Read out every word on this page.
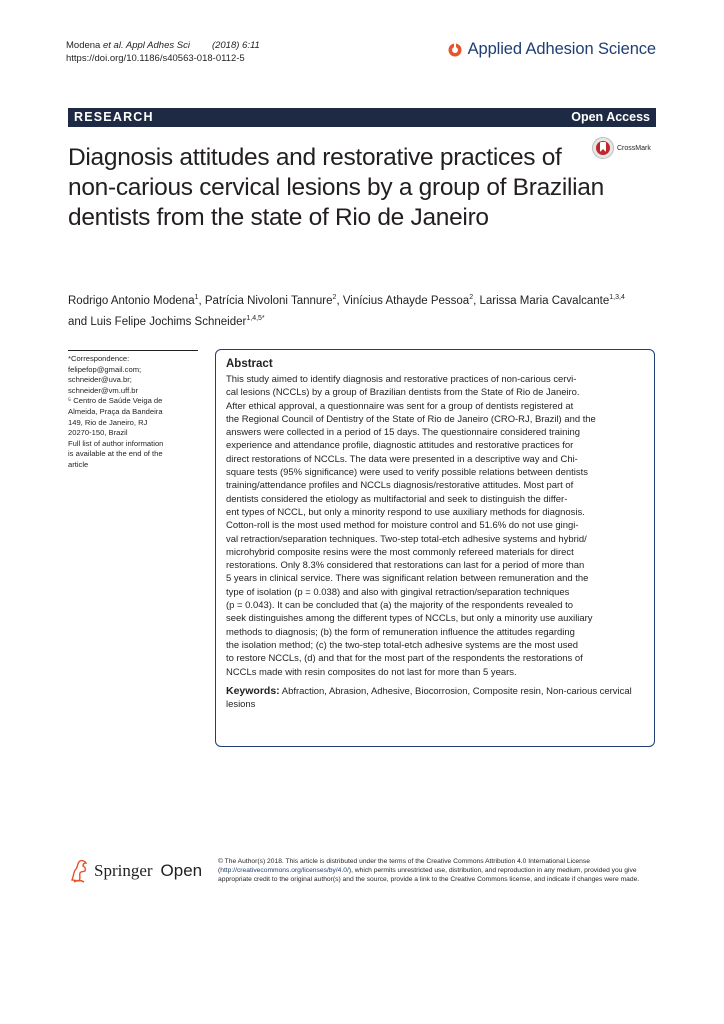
Modena et al. Appl Adhes Sci (2018) 6:11
https://doi.org/10.1186/s40563-018-0112-5
Applied Adhesion Science
RESEARCH	Open Access
CrossMark
Diagnosis attitudes and restorative practices of non-carious cervical lesions by a group of Brazilian dentists from the state of Rio de Janeiro
Rodrigo Antonio Modena$^1$, Patrícia Nivoloni Tannure$^2$, Vinícius Athayde Pessoa$^2$, Larissa Maria Cavalcante$^{1,3,4}$
and Luis Felipe Jochims Schneider$^{1,4,5*}$

*Correspondence:

felipefop@gmail.com;

schneider@uva.br;

schneider@vm.uff.br

⁵ Centro de Saúde Veiga de

Almeida, Praça da Bandeira

149, Rio de Janeiro, RJ

20270-150, Brazil

Full list of author information

is available at the end of the

article

Abstract

This study aimed to identify diagnosis and restorative practices of non-carious cervi-
cal lesions (NCCLs) by a group of Brazilian dentists from the State of Rio de Janeiro.
After ethical approval, a questionnaire was sent for a group of dentists registered at
the Regional Council of Dentistry of the State of Rio de Janeiro (CRO-RJ, Brazil) and the
answers were collected in a period of 15 days. The questionnaire considered training
experience and attendance profile, diagnostic attitudes and restorative practices for
direct restorations of NCCLs. The data were presented in a descriptive way and Chi-
square tests (95% significance) were used to verify possible relations between dentists
training/attendance profiles and NCCLs diagnosis/restorative attitudes. Most part of
dentists considered the etiology as multifactorial and seek to distinguish the differ-
ent types of NCCL, but only a minority respond to use auxiliary methods for diagnosis.
Cotton-roll is the most used method for moisture control and 51.6% do not use gingi-
val retraction/separation techniques. Two-step total-etch adhesive systems and hybrid/
microhybrid composite resins were the most commonly refereed materials for direct
restorations. Only 8.3% considered that restorations can last for a period of more than
5 years in clinical service. There was significant relation between remuneration and the
type of isolation (p = 0.038) and also with gingival retraction/separation techniques
(p = 0.043). It can be concluded that (a) the majority of the respondents revealed to
seek distinguishes among the different types of NCCLs, but only a minority use auxiliary
methods to diagnosis; (b) the form of remuneration influence the attitudes regarding
the isolation method; (c) the two-step total-etch adhesive systems are the most used
to restore NCCLs, (d) and that for the most part of the respondents the restorations of
NCCLs made with resin composites do not last for more than 5 years.
Keywords: Abfraction, Abrasion, Adhesive, Biocorrosion, Composite resin, Non-carious cervical lesions
Springer Open © The Author(s) 2018. This article is distributed under the terms of the Creative Commons Attribution 4.0 International License (http://creativecommons.org/licenses/by/4.0/), which permits unrestricted use, distribution, and reproduction in any medium, provided you give appropriate credit to the original author(s) and the source, provide a link to the Creative Commons license, and indicate if changes were made.
